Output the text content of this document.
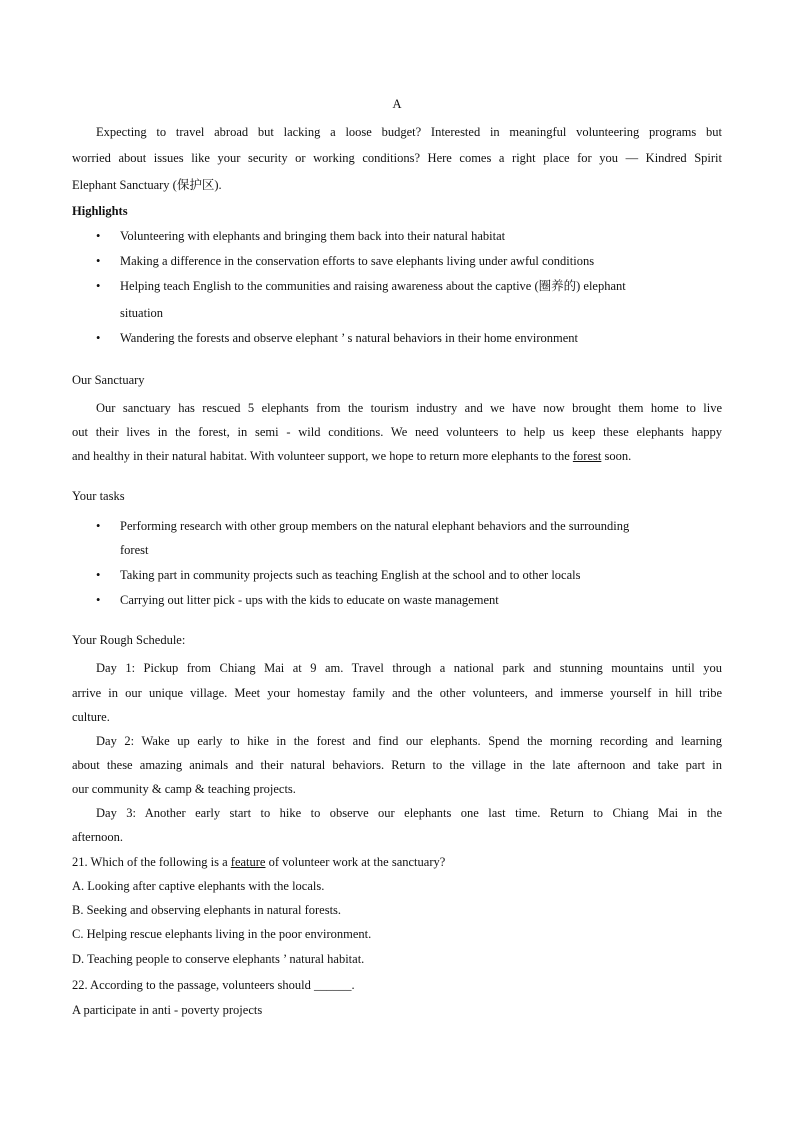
A
Expecting to travel abroad but lacking a loose budget? Interested in meaningful volunteering programs but
worried about issues like your security or working conditions? Here comes a right place for you — Kindred Spirit
Elephant Sanctuary (保护区).
Highlights
• Volunteering with elephants and bringing them back into their natural habitat
• Making a difference in the conservation efforts to save elephants living under awful conditions
• Helping teach English to the communities and raising awareness about the captive (圈养的) elephant
situation
• Wandering the forests and observe elephant ’ s natural behaviors in their home environment
Our Sanctuary
Our sanctuary has rescued 5 elephants from the tourism industry and we have now brought them home to live
out their lives in the forest, in semi - wild conditions. We need volunteers to help us keep these elephants happy
and healthy in their natural habitat. With volunteer support, we hope to return more elephants to the forest soon.
Your tasks
• Performing research with other group members on the natural elephant behaviors and the surrounding
forest
• Taking part in community projects such as teaching English at the school and to other locals
• Carrying out litter pick - ups with the kids to educate on waste management
Your Rough Schedule:
Day 1: Pickup from Chiang Mai at 9 am. Travel through a national park and stunning mountains until you
arrive in our unique village. Meet your homestay family and the other volunteers, and immerse yourself in hill tribe
culture.
Day 2: Wake up early to hike in the forest and find our elephants. Spend the morning recording and learning
about these amazing animals and their natural behaviors. Return to the village in the late afternoon and take part in
our community & camp & teaching projects.
Day 3: Another early start to hike to observe our elephants one last time. Return to Chiang Mai in the
afternoon.
21. Which of the following is a feature of volunteer work at the sanctuary?
A. Looking after captive elephants with the locals.
B. Seeking and observing elephants in natural forests.
C. Helping rescue elephants living in the poor environment.
D. Teaching people to conserve elephants ’ natural habitat.
22. According to the passage, volunteers should ______.
A participate in anti - poverty projects
